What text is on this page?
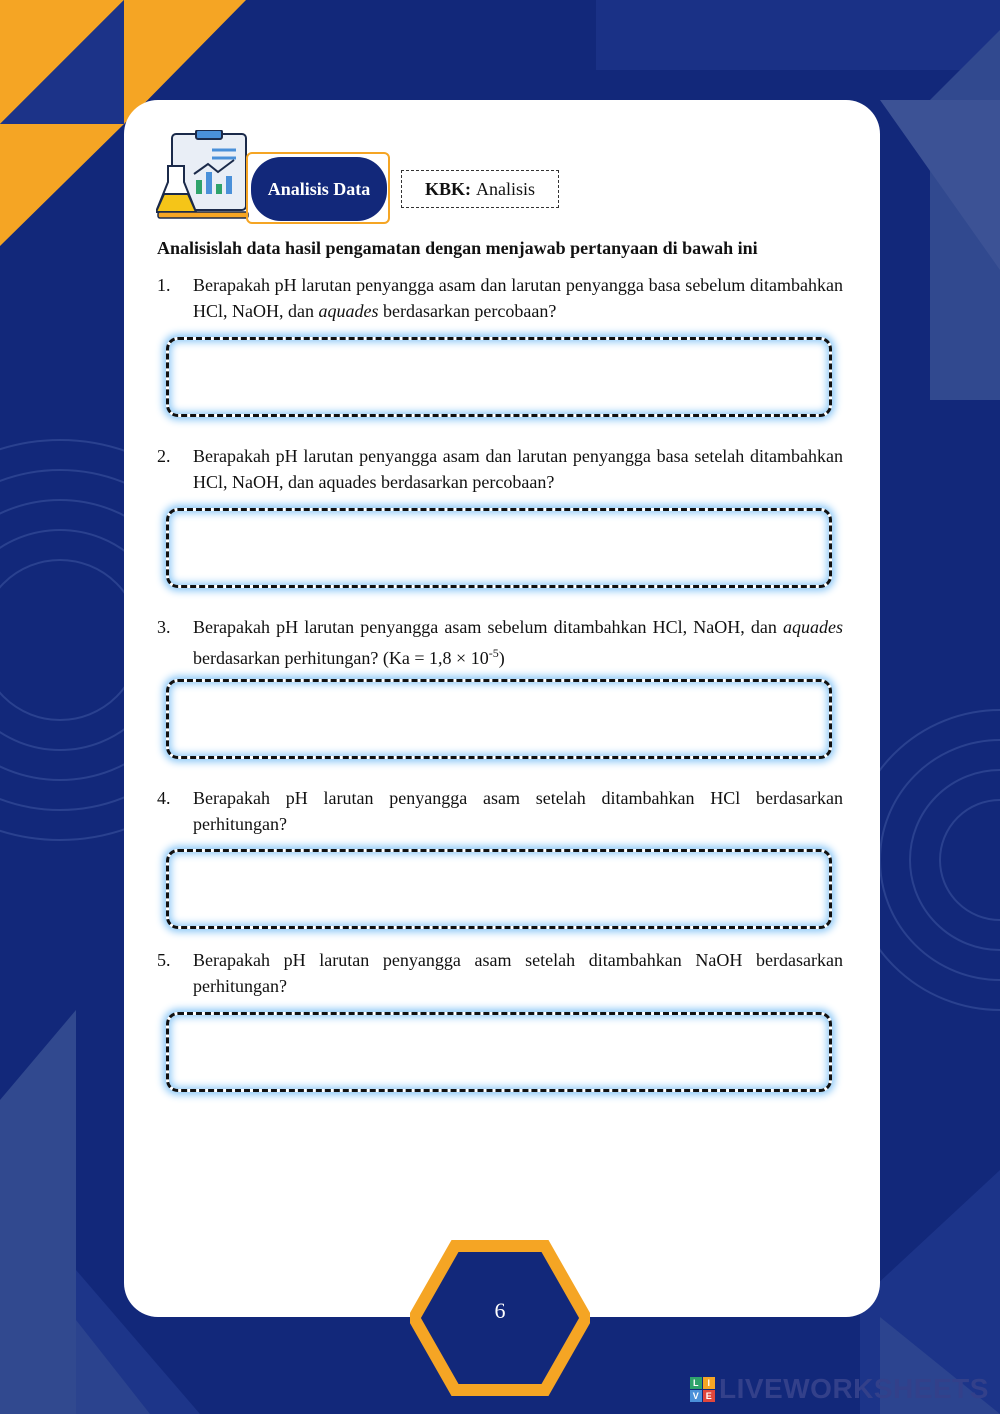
Analisis Data	KBK: Analisis
Analisislah data hasil pengamatan dengan menjawab pertanyaan di bawah ini
1. Berapakah pH larutan penyangga asam dan larutan penyangga basa sebelum ditambahkan HCl, NaOH, dan aquades berdasarkan percobaan?
2. Berapakah pH larutan penyangga asam dan larutan penyangga basa setelah ditambahkan HCl, NaOH, dan aquades berdasarkan percobaan?
3. Berapakah pH larutan penyangga asam sebelum ditambahkan HCl, NaOH, dan aquades berdasarkan perhitungan? $(Ka = 1,8 \times 10^{-5})$
4. Berapakah pH larutan penyangga asam setelah ditambahkan HCl berdasarkan perhitungan?
5. Berapakah pH larutan penyangga asam setelah ditambahkan NaOH berdasarkan perhitungan?
6
L I
V E LIVEWORKSHEETS
